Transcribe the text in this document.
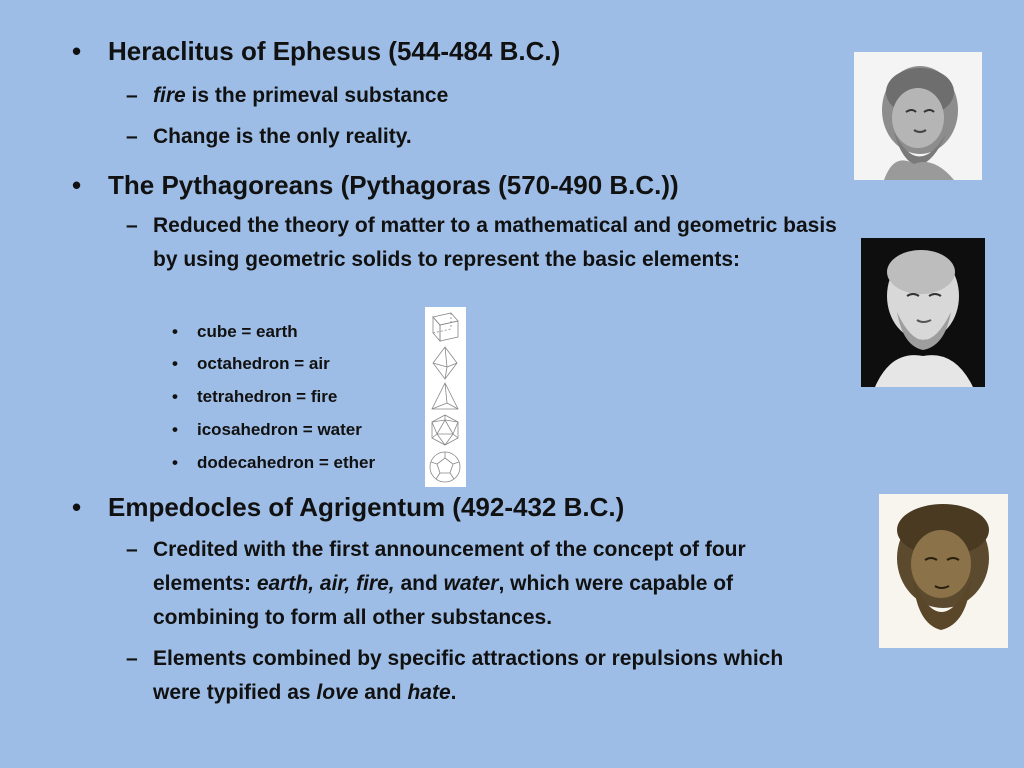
• Heraclitus of Ephesus (544-484 B.C.)
– fire is the primeval substance
– Change is the only reality.
• The Pythagoreans (Pythagoras (570-490 B.C.))
– Reduced the theory of matter to a mathematical and geometric basis by using geometric solids to represent the basic elements:
• cube = earth
• octahedron = air
• tetrahedron = fire
• icosahedron = water
• dodecahedron = ether
• Empedocles of Agrigentum (492-432 B.C.)
– Credited with the first announcement of the concept of four elements: earth, air, fire, and water, which were capable of combining to form all other substances.
– Elements combined by specific attractions or repulsions which were typified as love and hate.
